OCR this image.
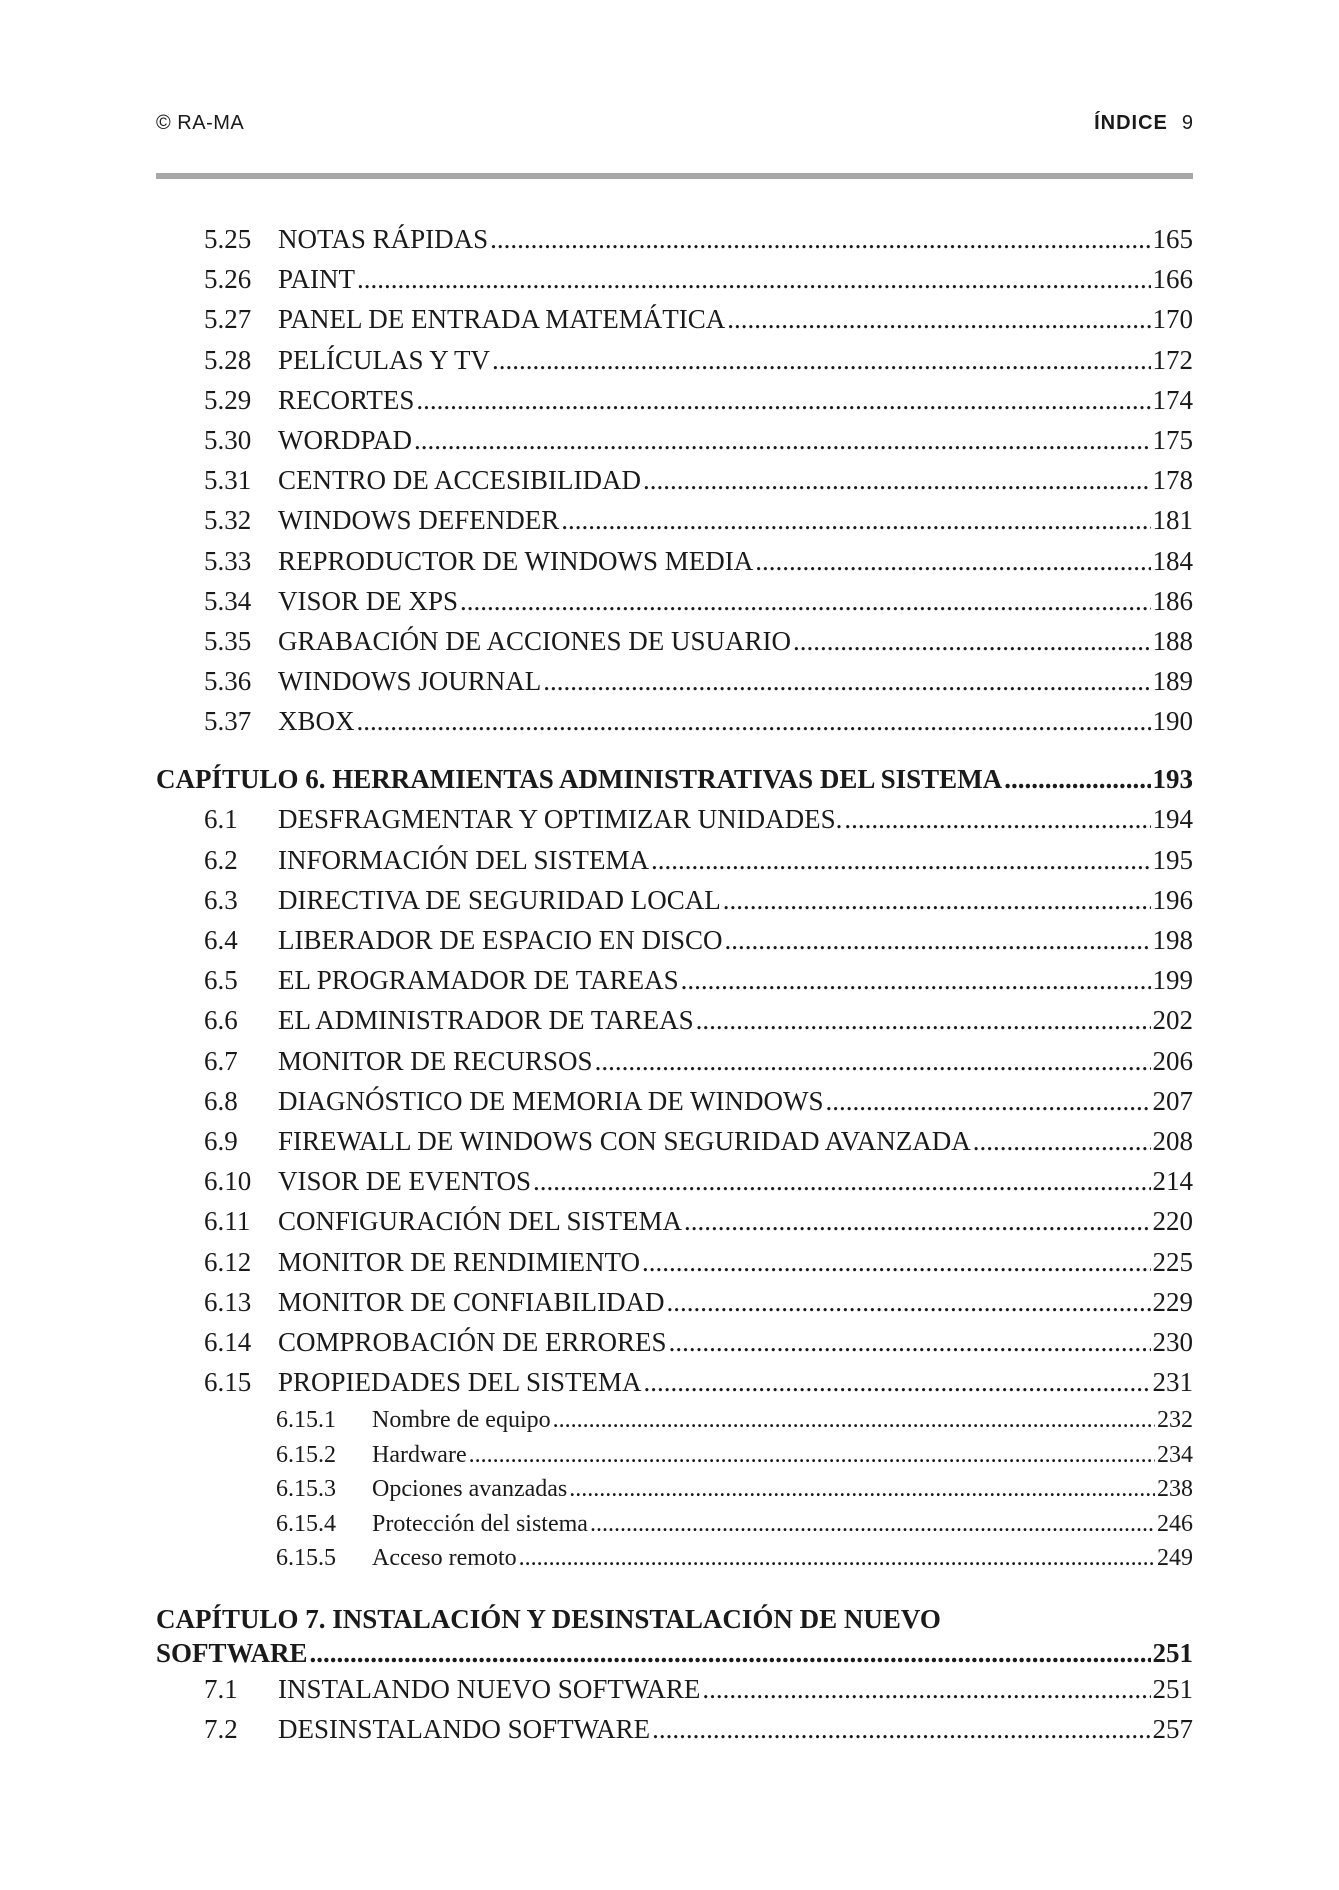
© RA-MA	ÍNDICE 9
5.25 NOTAS RÁPIDAS .....	165
5.26 PAINT .....	166
5.27 PANEL DE ENTRADA MATEMÁTICA .....	170
5.28 PELÍCULAS Y TV .....	172
5.29 RECORTES .....	174
5.30 WORDPAD .....	175
5.31 CENTRO DE ACCESIBILIDAD .....	178
5.32 WINDOWS DEFENDER .....	181
5.33 REPRODUCTOR DE WINDOWS MEDIA .....	184
5.34 VISOR DE XPS .....	186
5.35 GRABACIÓN DE ACCIONES DE USUARIO .....	188
5.36 WINDOWS JOURNAL .....	189
5.37 XBOX .....	190
CAPÍTULO 6. HERRAMIENTAS ADMINISTRATIVAS DEL SISTEMA .....	193
6.1	DESFRAGMENTAR Y OPTIMIZAR UNIDADES. .....	194
6.2	INFORMACIÓN DEL SISTEMA .....	195
6.3	DIRECTIVA DE SEGURIDAD LOCAL .....	196
6.4	LIBERADOR DE ESPACIO EN DISCO .....	198
6.5	EL PROGRAMADOR DE TAREAS .....	199
6.6	EL ADMINISTRADOR DE TAREAS .....	202
6.7	MONITOR DE RECURSOS .....	206
6.8	DIAGNÓSTICO DE MEMORIA DE WINDOWS .....	207
6.9	FIREWALL DE WINDOWS CON SEGURIDAD AVANZADA .....	208
6.10 VISOR DE EVENTOS .....	214
6.11	CONFIGURACIÓN DEL SISTEMA .....	220
6.12 MONITOR DE RENDIMIENTO .....	225
6.13 MONITOR DE CONFIABILIDAD .....	229
6.14 COMPROBACIÓN DE ERRORES .....	230
6.15 PROPIEDADES DEL SISTEMA .....	231
6.15.1	Nombre de equipo .....	232
6.15.2	Hardware .....	234
6.15.3	Opciones avanzadas .....	238
6.15.4	Protección del sistema .....	246
6.15.5	Acceso remoto .....	249
CAPÍTULO 7. INSTALACIÓN Y DESINSTALACIÓN DE NUEVO
SOFTWARE .....	251
7.1	INSTALANDO NUEVO SOFTWARE .....	251
7.2	DESINSTALANDO SOFTWARE .....	257
